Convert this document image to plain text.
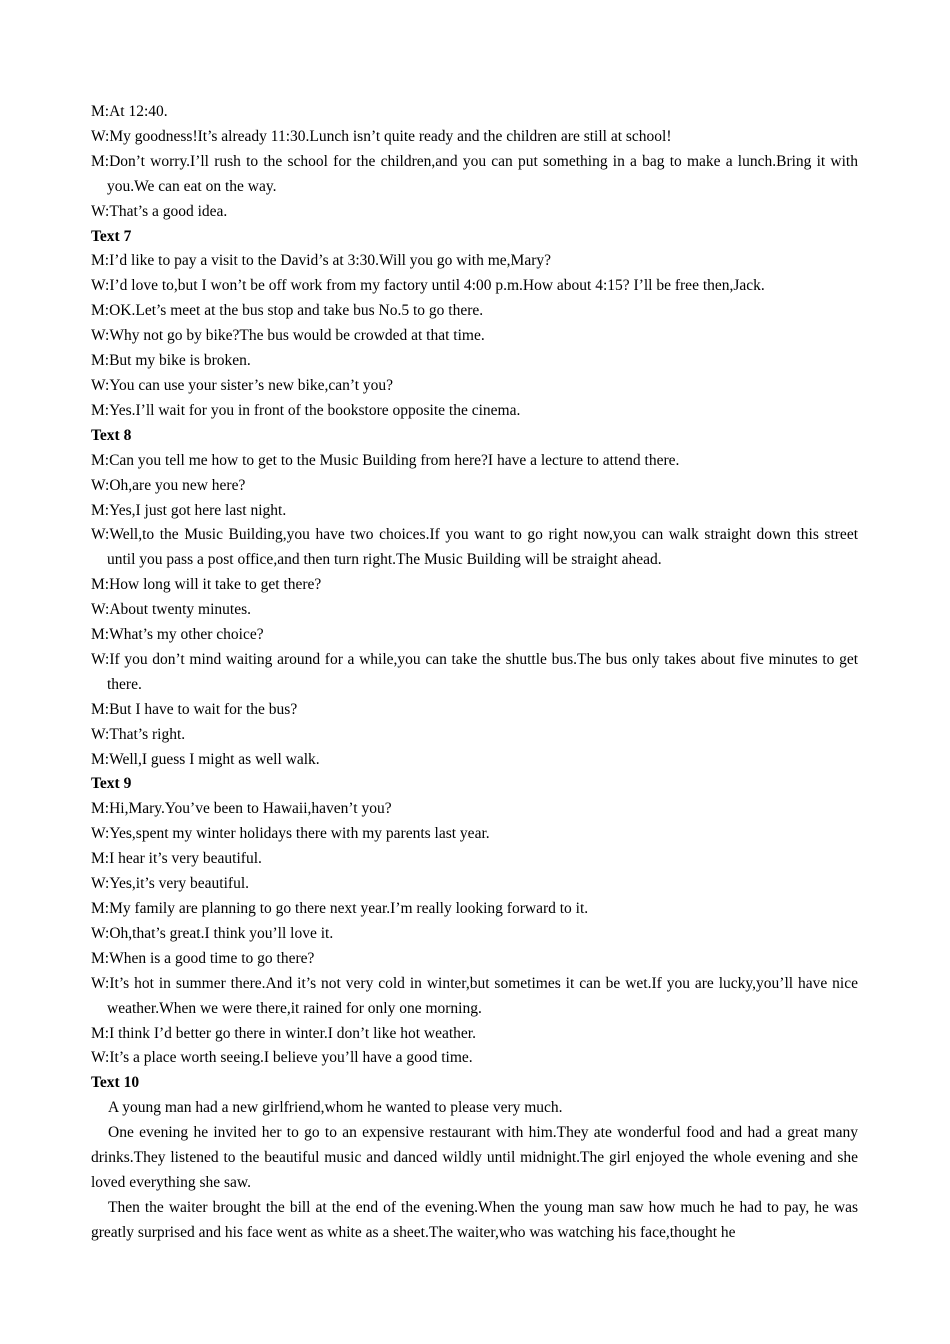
M:At 12:40.

W:My goodness!It’s already 11:30.Lunch isn’t quite ready and the children are still at school!

M:Don’t worry.I’ll rush to the school for the children,and you can put something in a bag to make a lunch.Bring it with you.We can eat on the way.

W:That’s a good idea.

Text 7

M:I’d like to pay a visit to the David’s at 3:30.Will you go with me,Mary?

W:I’d love to,but I won’t be off work from my factory until 4:00 p.m.How about 4:15? I’ll be free then,Jack.

M:OK.Let’s meet at the bus stop and take bus No.5 to go there.

W:Why not go by bike?The bus would be crowded at that time.

M:But my bike is broken.

W:You can use your sister’s new bike,can’t you?

M:Yes.I’ll wait for you in front of the bookstore opposite the cinema.

Text 8

M:Can you tell me how to get to the Music Building from here?I have a lecture to attend there.

W:Oh,are you new here?

M:Yes,I just got here last night.

W:Well,to the Music Building,you have two choices.If you want to go right now,you can walk straight down this street until you pass a post office,and then turn right.The Music Building will be straight ahead.

M:How long will it take to get there?

W:About twenty minutes.

M:What’s my other choice?

W:If you don’t mind waiting around for a while,you can take the shuttle bus.The bus only takes about five minutes to get there.

M:But I have to wait for the bus?

W:That’s right.

M:Well,I guess I might as well walk.

Text 9

M:Hi,Mary.You’ve been to Hawaii,haven’t you?

W:Yes,spent my winter holidays there with my parents last year.

M:I hear it’s very beautiful.

W:Yes,it’s very beautiful.

M:My family are planning to go there next year.I’m really looking forward to it.

W:Oh,that’s great.I think you’ll love it.

M:When is a good time to go there?

W:It’s hot in summer there.And it’s not very cold in winter,but sometimes it can be wet.If you are lucky,you’ll have nice weather.When we were there,it rained for only one morning.

M:I think I’d better go there in winter.I don’t like hot weather.

W:It’s a place worth seeing.I believe you’ll have a good time.

Text 10

A young man had a new girlfriend,whom he wanted to please very much.

One evening he invited her to go to an expensive restaurant with him.They ate wonderful food and had a great many drinks.They listened to the beautiful music and danced wildly until midnight.The girl enjoyed the whole evening and she loved everything she saw.

Then the waiter brought the bill at the end of the evening.When the young man saw how much he had to pay, he was greatly surprised and his face went as white as a sheet.The waiter,who was watching his face,thought he
